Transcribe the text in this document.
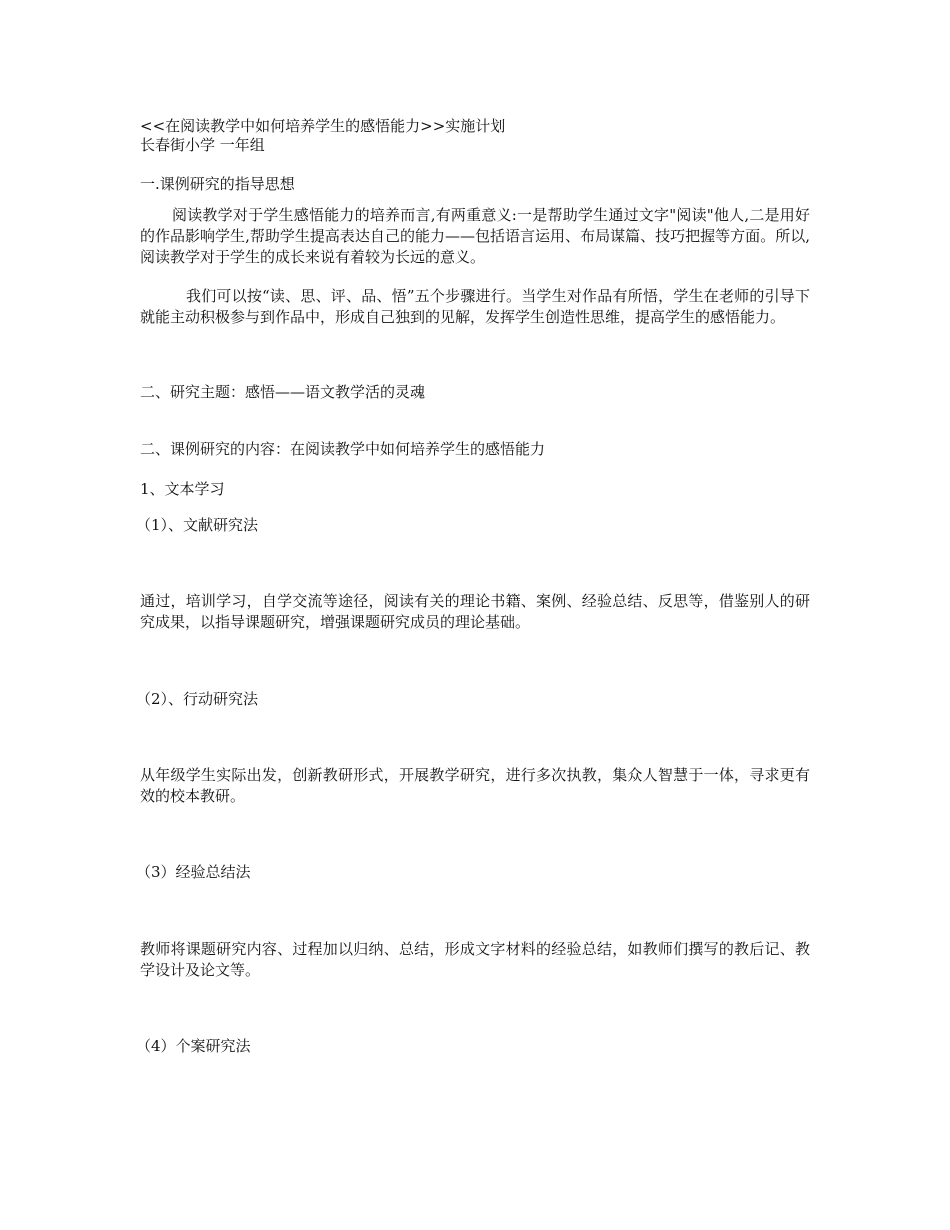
<<在阅读教学中如何培养学生的感悟能力>>实施计划
长春街小学 一年组
一.课例研究的指导思想
阅读教学对于学生感悟能力的培养而言,有两重意义:一是帮助学生通过文字"阅读"他人,二是用好的作品影响学生,帮助学生提高表达自己的能力——包括语言运用、布局谋篇、技巧把握等方面。所以,阅读教学对于学生的成长来说有着较为长远的意义。
我们可以按“读、思、评、品、悟”五个步骤进行。当学生对作品有所悟，学生在老师的引导下就能主动积极参与到作品中，形成自己独到的见解，发挥学生创造性思维，提高学生的感悟能力。
二、研究主题：感悟——语文教学活的灵魂
二、课例研究的内容：在阅读教学中如何培养学生的感悟能力
1、文本学习
（1）、文献研究法
通过，培训学习，自学交流等途径，阅读有关的理论书籍、案例、经验总结、反思等，借鉴别人的研究成果，以指导课题研究，增强课题研究成员的理论基础。
（2）、行动研究法
从年级学生实际出发，创新教研形式，开展教学研究，进行多次执教，集众人智慧于一体，寻求更有效的校本教研。
（3）经验总结法
教师将课题研究内容、过程加以归纳、总结，形成文字材料的经验总结，如教师们撰写的教后记、教学设计及论文等。
（4）个案研究法
